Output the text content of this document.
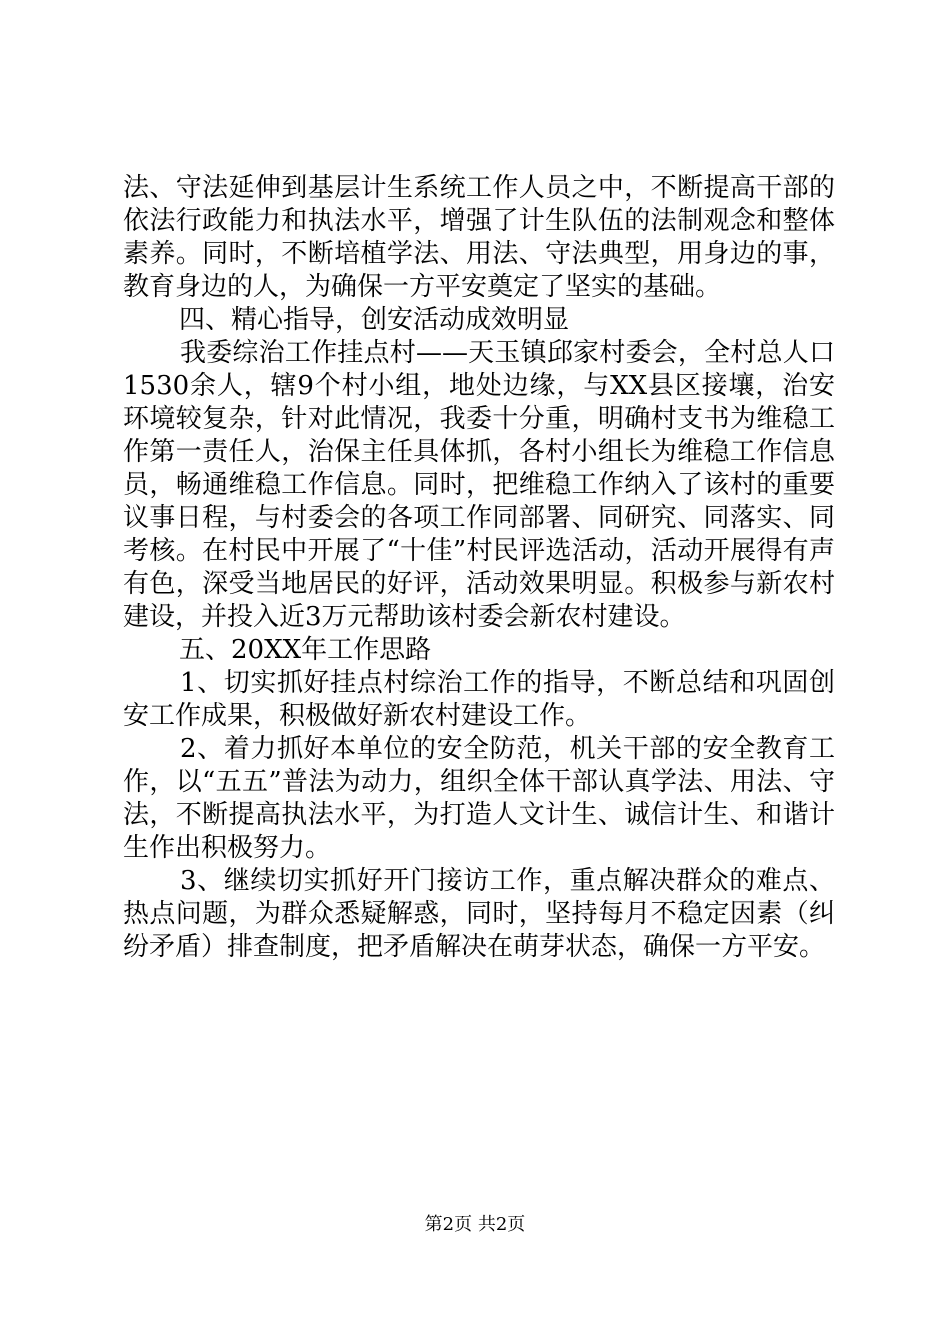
法、守法延伸到基层计生系统工作人员之中，不断提高干部的依法行政能力和执法水平，增强了计生队伍的法制观念和整体素养。同时，不断培植学法、用法、守法典型，用身边的事，教育身边的人，为确保一方平安奠定了坚实的基础。

四、精心指导，创安活动成效明显

我委综治工作挂点村——天玉镇邱家村委会，全村总人口1530余人，辖9个村小组，地处边缘，与XX县区接壤，治安环境较复杂，针对此情况，我委十分重，明确村支书为维稳工作第一责任人，治保主任具体抓，各村小组长为维稳工作信息员，畅通维稳工作信息。同时，把维稳工作纳入了该村的重要议事日程，与村委会的各项工作同部署、同研究、同落实、同考核。在村民中开展了“十佳”村民评选活动，活动开展得有声有色，深受当地居民的好评，活动效果明显。积极参与新农村建设，并投入近3万元帮助该村委会新农村建设。

五、20XX年工作思路

1、切实抓好挂点村综治工作的指导，不断总结和巩固创安工作成果，积极做好新农村建设工作。

2、着力抓好本单位的安全防范，机关干部的安全教育工作，以“五五”普法为动力，组织全体干部认真学法、用法、守法，不断提高执法水平，为打造人文计生、诚信计生、和谐计生作出积极努力。

3、继续切实抓好开门接访工作，重点解决群众的难点、热点问题，为群众悉疑解惑，同时，坚持每月不稳定因素（纠纷矛盾）排查制度，把矛盾解决在萌芽状态，确保一方平安。

第2页 共2页
